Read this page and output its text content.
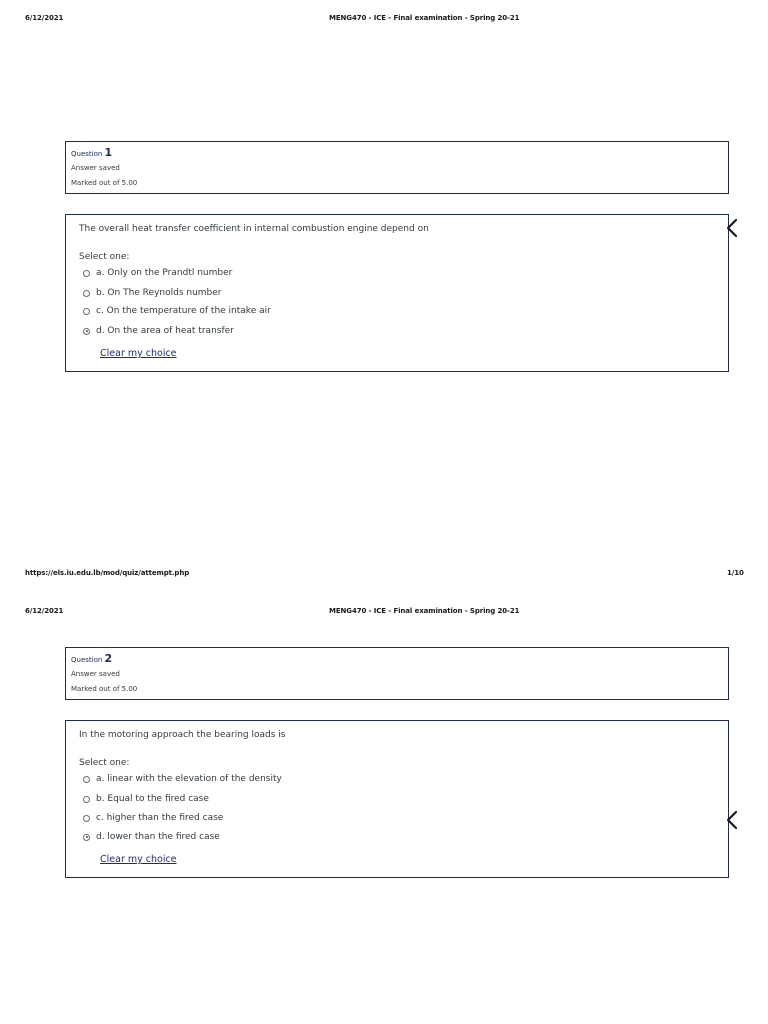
6/12/2021	MENG470 - ICE - Final examination - Spring 20-21
Question 1
Answer saved
Marked out of 5.00
The overall heat transfer coefficient in internal combustion engine depend on
Select one:
a. Only on the Prandtl number
b. On The Reynolds number
c. On the temperature of the intake air
d. On the area of heat transfer
Clear my choice
https://els.iu.edu.lb/mod/quiz/attempt.php	1/10
6/12/2021	MENG470 - ICE - Final examination - Spring 20-21
Question 2
Answer saved
Marked out of 5.00
In the motoring approach the bearing loads is
Select one:
a. linear with the elevation of the density
b. Equal to the fired case
c. higher than the fired case
d. lower than the fired case
Clear my choice
